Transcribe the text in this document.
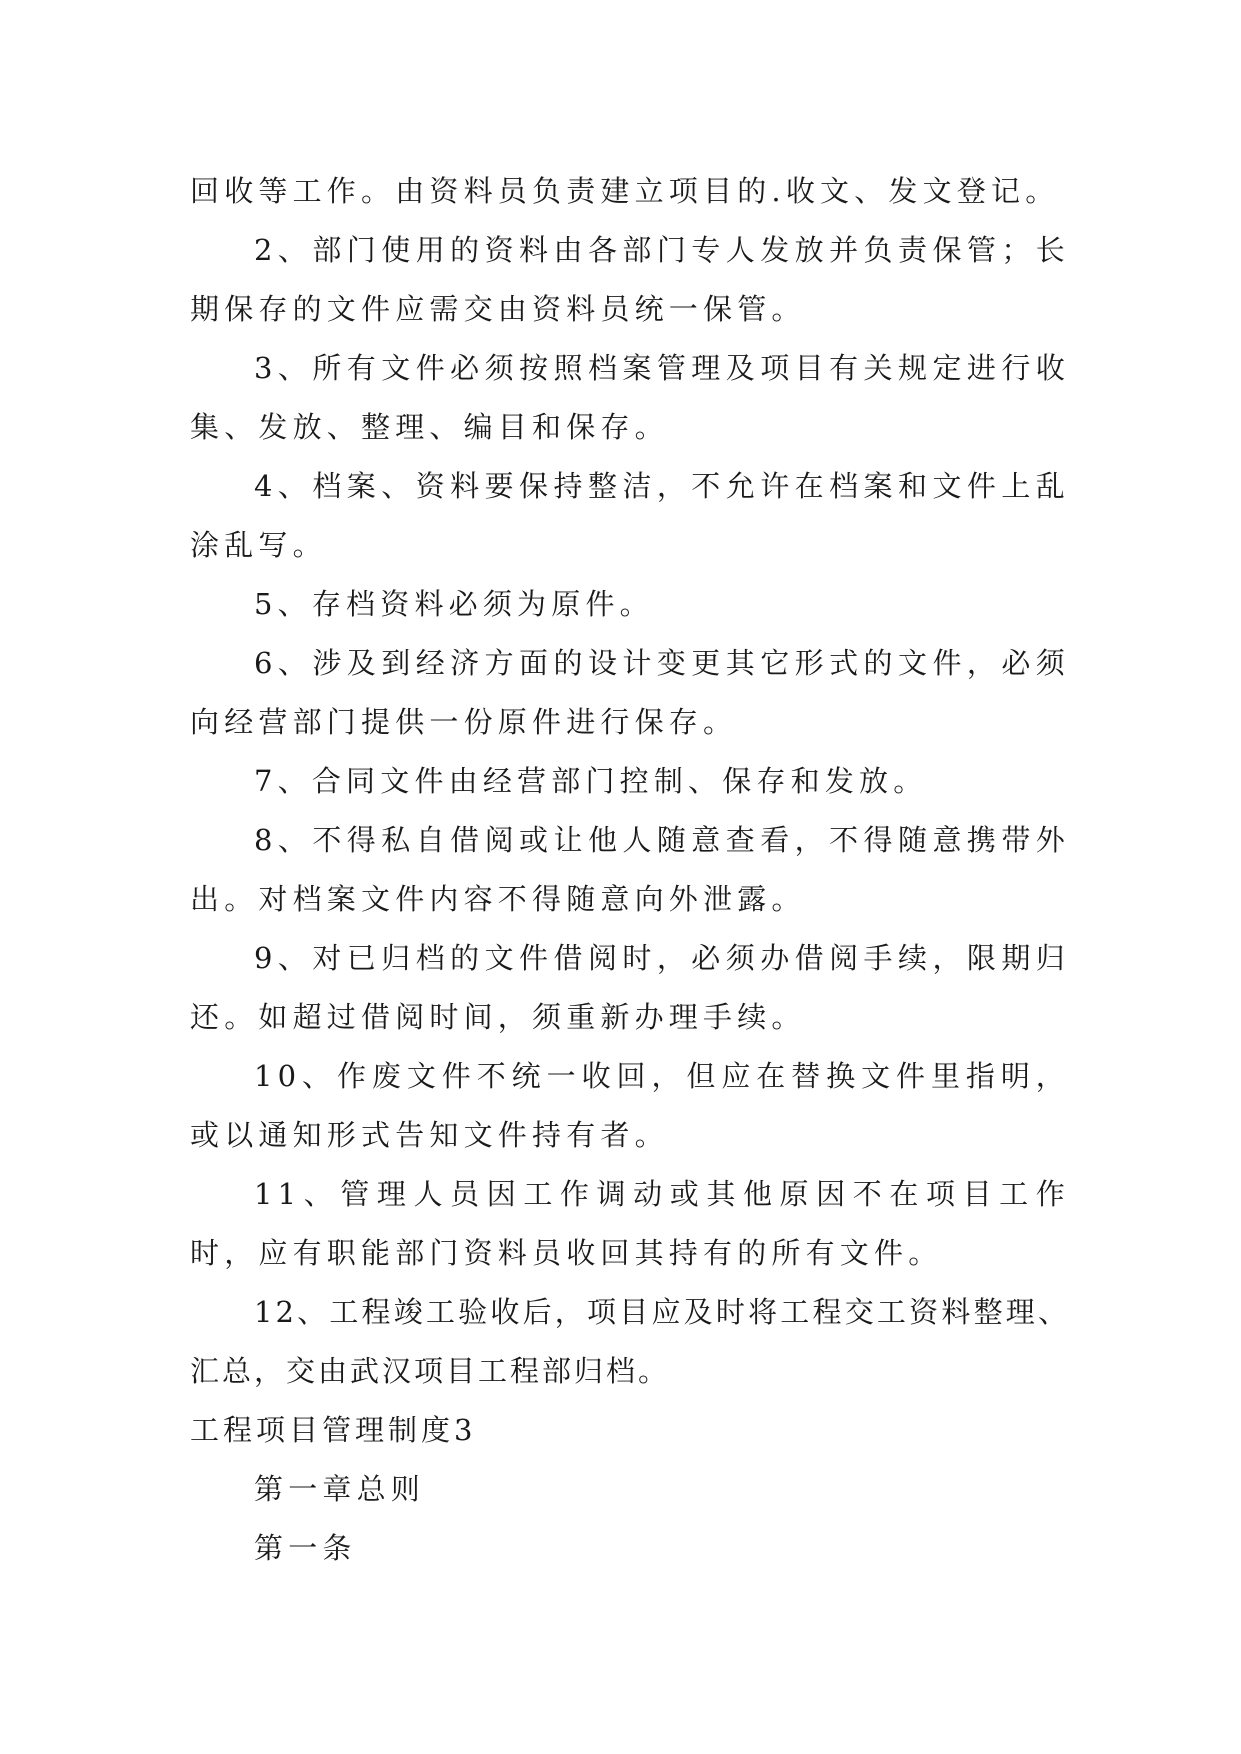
回收等工作。由资料员负责建立项目的.收文、发文登记。

2、部门使用的资料由各部门专人发放并负责保管；长期保存的文件应需交由资料员统一保管。

3、所有文件必须按照档案管理及项目有关规定进行收集、发放、整理、编目和保存。

4、档案、资料要保持整洁，不允许在档案和文件上乱涂乱写。

5、存档资料必须为原件。

6、涉及到经济方面的设计变更其它形式的文件，必须向经营部门提供一份原件进行保存。

7、合同文件由经营部门控制、保存和发放。

8、不得私自借阅或让他人随意查看，不得随意携带外出。对档案文件内容不得随意向外泄露。

9、对已归档的文件借阅时，必须办借阅手续，限期归还。如超过借阅时间，须重新办理手续。

10、作废文件不统一收回，但应在替换文件里指明，或以通知形式告知文件持有者。

11、管理人员因工作调动或其他原因不在项目工作时，应有职能部门资料员收回其持有的所有文件。

12、工程竣工验收后，项目应及时将工程交工资料整理、汇总，交由武汉项目工程部归档。

工程项目管理制度3

第一章总则

第一条
